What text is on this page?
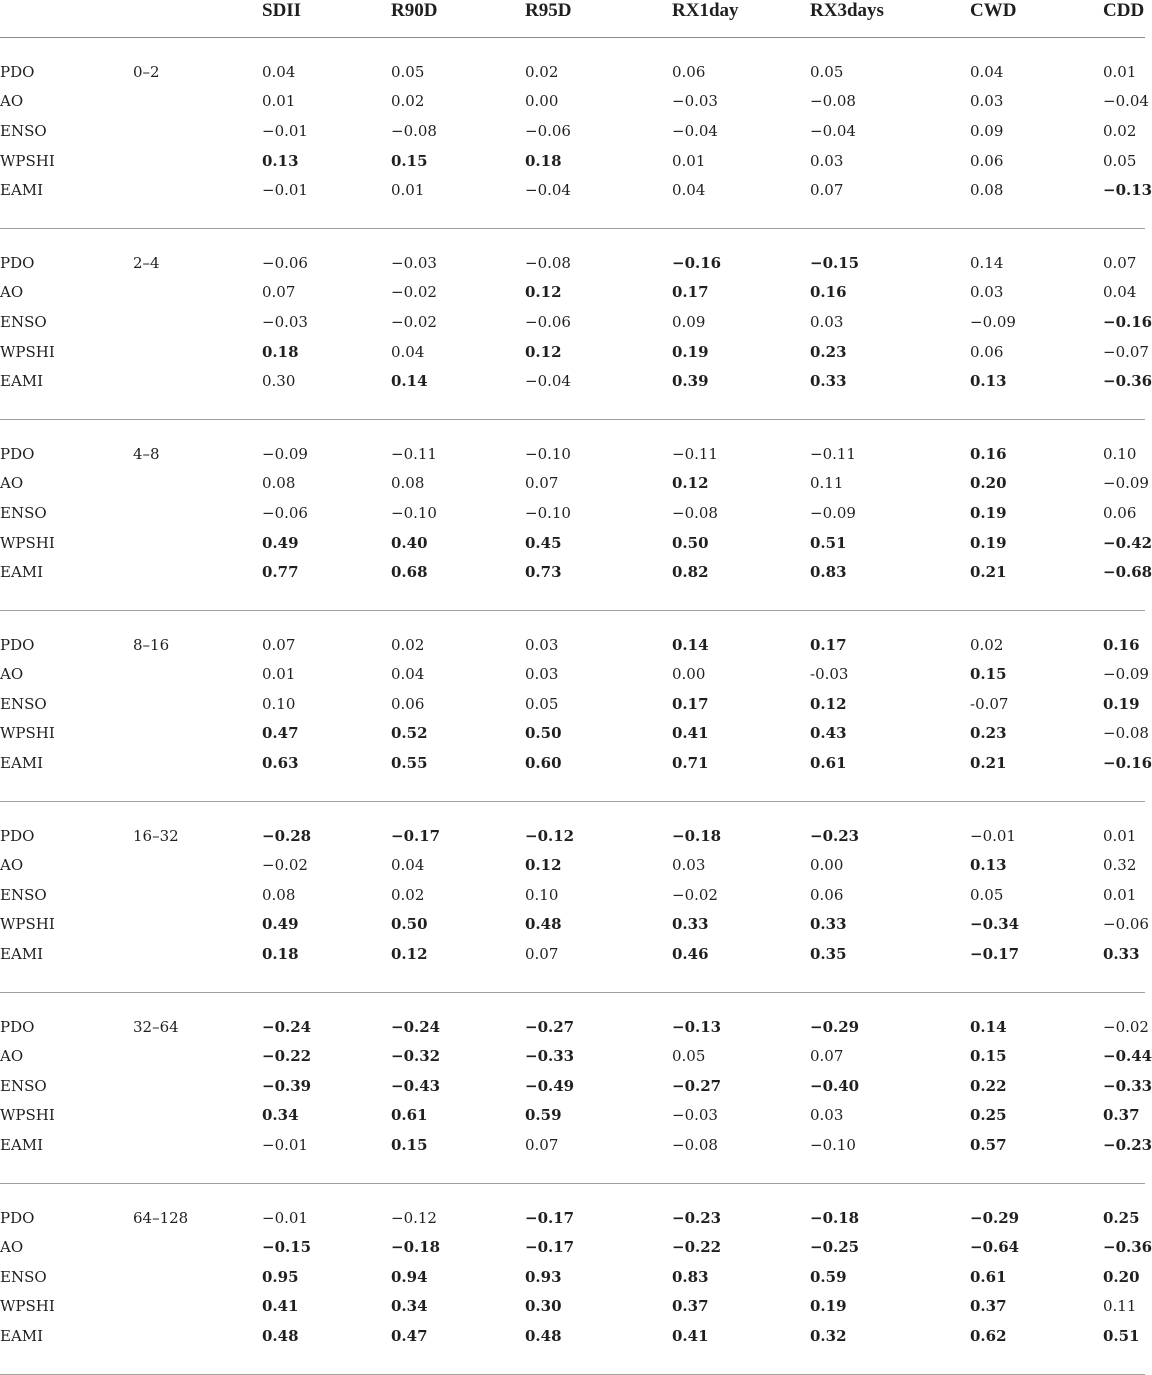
		SDII	R90D	R95D	RX1day	RX3days	CWD	CDD	

PDO	0–2	0.04	0.05	0.02	0.06	0.05	0.04	0.01	
AO		0.01	0.02	0.00	−0.03	−0.08	0.03	−0.04	
ENSO		−0.01	−0.08	−0.06	−0.04	−0.04	0.09	0.02	
WPSHI		0.13	0.15	0.18	0.01	0.03	0.06	0.05	
EAMI		−0.01	0.01	−0.04	0.04	0.07	0.08	−0.13	

PDO	2–4	−0.06	−0.03	−0.08	−0.16	−0.15	0.14	0.07	
AO		0.07	−0.02	0.12	0.17	0.16	0.03	0.04	
ENSO		−0.03	−0.02	−0.06	0.09	0.03	−0.09	−0.16	
WPSHI		0.18	0.04	0.12	0.19	0.23	0.06	−0.07	
EAMI		0.30	0.14	−0.04	0.39	0.33	0.13	−0.36	

PDO	4–8	−0.09	−0.11	−0.10	−0.11	−0.11	0.16	0.10	
AO		0.08	0.08	0.07	0.12	0.11	0.20	−0.09	
ENSO		−0.06	−0.10	−0.10	−0.08	−0.09	0.19	0.06	
WPSHI		0.49	0.40	0.45	0.50	0.51	0.19	−0.42	
EAMI		0.77	0.68	0.73	0.82	0.83	0.21	−0.68	

PDO	8–16	0.07	0.02	0.03	0.14	0.17	0.02	0.16	
AO		0.01	0.04	0.03	0.00	-0.03	0.15	−0.09	
ENSO		0.10	0.06	0.05	0.17	0.12	-0.07	0.19	
WPSHI		0.47	0.52	0.50	0.41	0.43	0.23	−0.08	
EAMI		0.63	0.55	0.60	0.71	0.61	0.21	−0.16	

PDO	16–32	−0.28	−0.17	−0.12	−0.18	−0.23	−0.01	0.01	
AO		−0.02	0.04	0.12	0.03	0.00	0.13	0.32	
ENSO		0.08	0.02	0.10	−0.02	0.06	0.05	0.01	
WPSHI		0.49	0.50	0.48	0.33	0.33	−0.34	−0.06	
EAMI		0.18	0.12	0.07	0.46	0.35	−0.17	0.33	

PDO	32–64	−0.24	−0.24	−0.27	−0.13	−0.29	0.14	−0.02	
AO		−0.22	−0.32	−0.33	0.05	0.07	0.15	−0.44	
ENSO		−0.39	−0.43	−0.49	−0.27	−0.40	0.22	−0.33	
WPSHI		0.34	0.61	0.59	−0.03	0.03	0.25	0.37	
EAMI		−0.01	0.15	0.07	−0.08	−0.10	0.57	−0.23	

PDO	64–128	−0.01	−0.12	−0.17	−0.23	−0.18	−0.29	0.25	
AO		−0.15	−0.18	−0.17	−0.22	−0.25	−0.64	−0.36	
ENSO		0.95	0.94	0.93	0.83	0.59	0.61	0.20	
WPSHI		0.41	0.34	0.30	0.37	0.19	0.37	0.11	
EAMI		0.48	0.47	0.48	0.41	0.32	0.62	0.51	
